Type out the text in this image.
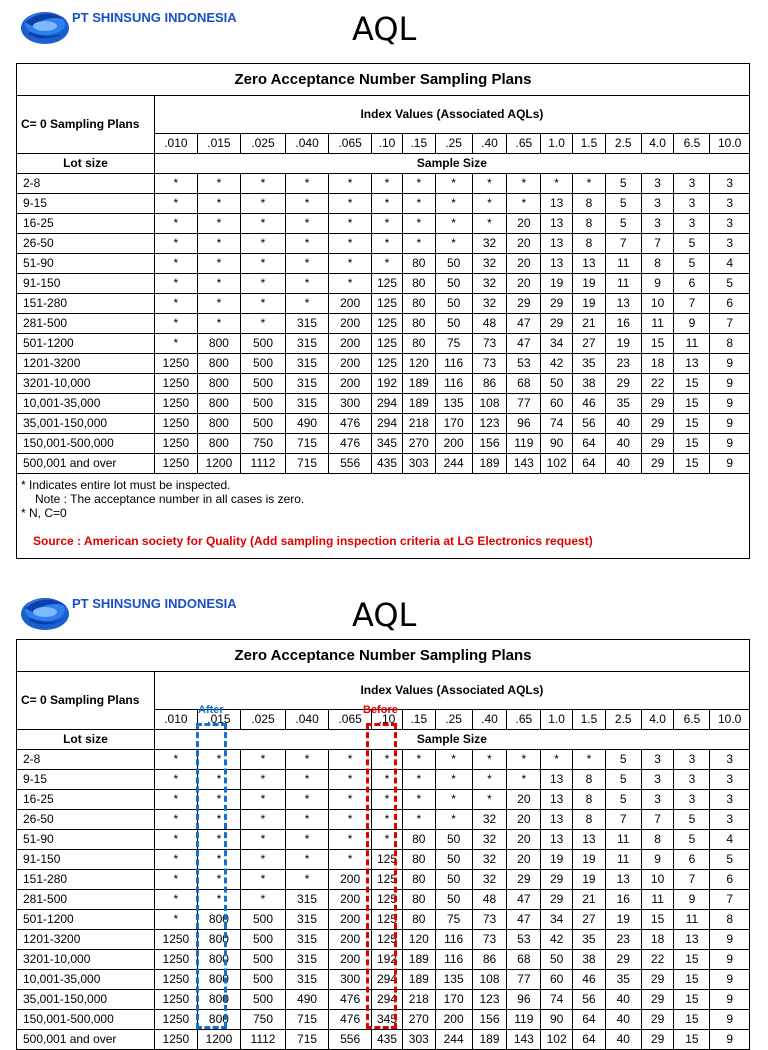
PT SHINSUNG INDONESIA	AQL
Zero Acceptance Number Sampling Plans																
C= 0 Sampling Plans	Index Values (Associated AQLs)															
	.010	.015	.025	.040	.065	.10	.15	.25	.40	.65	1.0	1.5	2.5	4.0	6.5	10.0
Lot size	Sample Size															
2-8	*	*	*	*	*	*	*	*	*	*	*	*	5	3	3	3
9-15	*	*	*	*	*	*	*	*	*	*	13	8	5	3	3	3
16-25	*	*	*	*	*	*	*	*	*	20	13	8	5	3	3	3
26-50	*	*	*	*	*	*	*	*	32	20	13	8	7	7	5	3
51-90	*	*	*	*	*	*	80	50	32	20	13	13	11	8	5	4
91-150	*	*	*	*	*	125	80	50	32	20	19	19	11	9	6	5
151-280	*	*	*	*	200	125	80	50	32	29	29	19	13	10	7	6
281-500	*	*	*	315	200	125	80	50	48	47	29	21	16	11	9	7
501-1200	*	800	500	315	200	125	80	75	73	47	34	27	19	15	11	8
1201-3200	1250	800	500	315	200	125	120	116	73	53	42	35	23	18	13	9
3201-10,000	1250	800	500	315	200	192	189	116	86	68	50	38	29	22	15	9
10,001-35,000	1250	800	500	315	300	294	189	135	108	77	60	46	35	29	15	9
35,001-150,000	1250	800	500	490	476	294	218	170	123	96	74	56	40	29	15	9
150,001-500,000	1250	800	750	715	476	345	270	200	156	119	90	64	40	29	15	9
500,001 and over	1250	1200	1112	715	556	435	303	244	189	143	102	64	40	29	15	9
* Indicates entire lot must be inspected.
Note : The acceptance number in all cases is zero.
* N, C=0
Source : American society for Quality (Add sampling inspection criteria at LG Electronics request)
PT SHINSUNG INDONESIA	AQL
Zero Acceptance Number Sampling Plans																
C= 0 Sampling Plans	Index Values (Associated AQLs)															
	.010	.015	.025	.040	.065	.10	.15	.25	.40	.65	1.0	1.5	2.5	4.0	6.5	10.0
Lot size	Sample Size															
2-8	*	*	*	*	*	*	*	*	*	*	*	*	5	3	3	3
9-15	*	*	*	*	*	*	*	*	*	*	13	8	5	3	3	3
16-25	*	*	*	*	*	*	*	*	*	20	13	8	5	3	3	3
26-50	*	*	*	*	*	*	*	*	32	20	13	8	7	7	5	3
51-90	*	*	*	*	*	*	80	50	32	20	13	13	11	8	5	4
91-150	*	*	*	*	*	125	80	50	32	20	19	19	11	9	6	5
151-280	*	*	*	*	200	125	80	50	32	29	29	19	13	10	7	6
281-500	*	*	*	315	200	125	80	50	48	47	29	21	16	11	9	7
501-1200	*	800	500	315	200	125	80	75	73	47	34	27	19	15	11	8
1201-3200	1250	800	500	315	200	125	120	116	73	53	42	35	23	18	13	9
3201-10,000	1250	800	500	315	200	192	189	116	86	68	50	38	29	22	15	9
10,001-35,000	1250	800	500	315	300	294	189	135	108	77	60	46	35	29	15	9
35,001-150,000	1250	800	500	490	476	294	218	170	123	96	74	56	40	29	15	9
150,001-500,000	1250	800	750	715	476	345	270	200	156	119	90	64	40	29	15	9
500,001 and over	1250	1200	1112	715	556	435	303	244	189	143	102	64	40	29	15	9
After	Before
